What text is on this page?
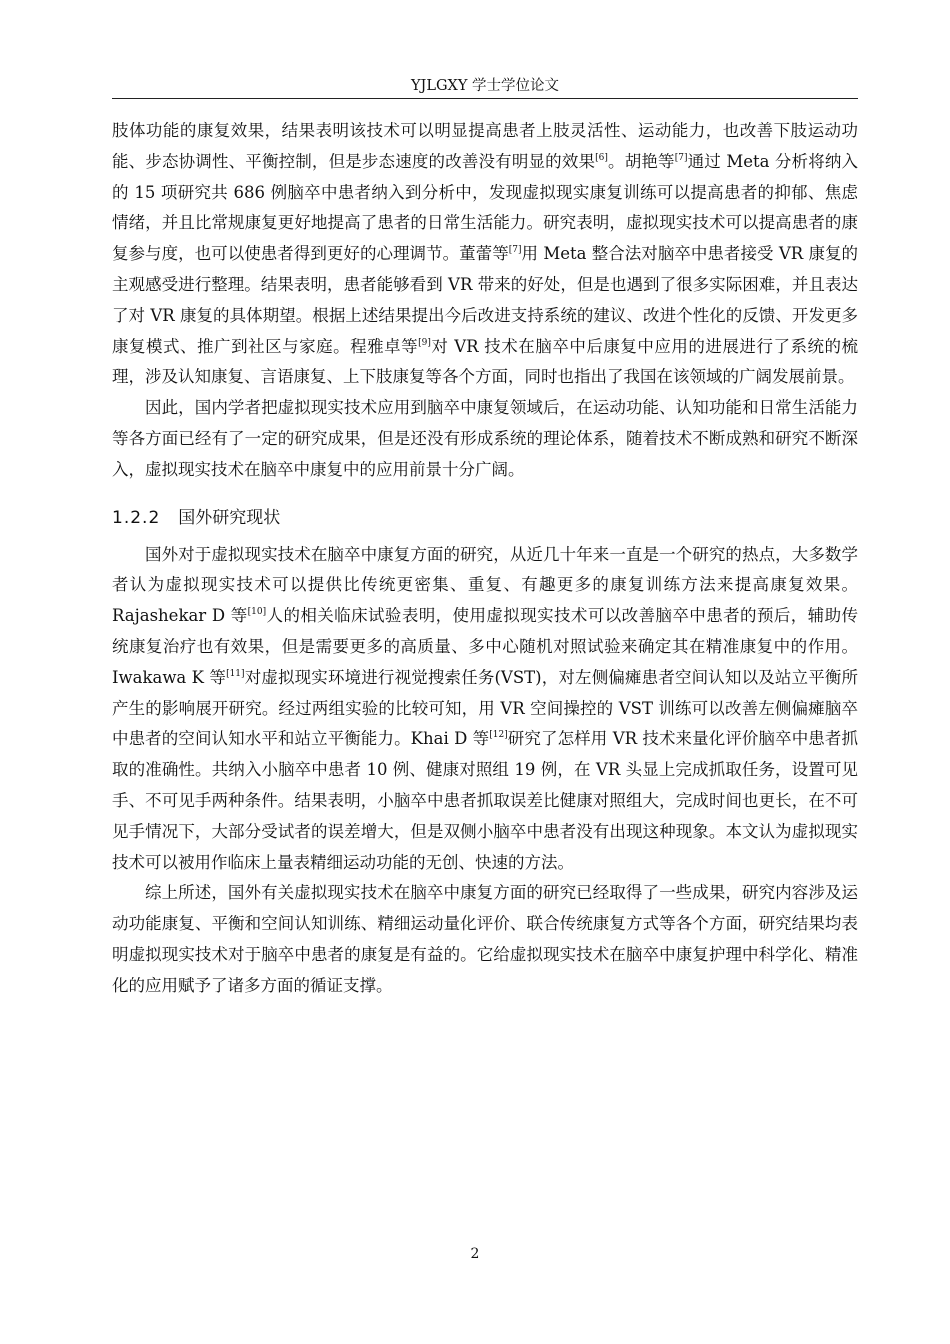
YJLGXY 学士学位论文

肢体功能的康复效果，结果表明该技术可以明显提高患者上肢灵活性、运动能力，也改善下肢运动功能、步态协调性、平衡控制，但是步态速度的改善没有明显的效果[6]。胡艳等[7]通过 Meta 分析将纳入的 15 项研究共 686 例脑卒中患者纳入到分析中，发现虚拟现实康复训练可以提高患者的抑郁、焦虑情绪，并且比常规康复更好地提高了患者的日常生活能力。研究表明，虚拟现实技术可以提高患者的康复参与度，也可以使患者得到更好的心理调节。董蕾等[7]用 Meta 整合法对脑卒中患者接受 VR 康复的主观感受进行整理。结果表明，患者能够看到 VR 带来的好处，但是也遇到了很多实际困难，并且表达了对 VR 康复的具体期望。根据上述结果提出今后改进支持系统的建议、改进个性化的反馈、开发更多康复模式、推广到社区与家庭。程雅卓等[9]对 VR 技术在脑卒中后康复中应用的进展进行了系统的梳理，涉及认知康复、言语康复、上下肢康复等各个方面，同时也指出了我国在该领域的广阔发展前景。

因此，国内学者把虚拟现实技术应用到脑卒中康复领域后，在运动功能、认知功能和日常生活能力等各方面已经有了一定的研究成果，但是还没有形成系统的理论体系，随着技术不断成熟和研究不断深入，虚拟现实技术在脑卒中康复中的应用前景十分广阔。

1.2.2 国外研究现状

国外对于虚拟现实技术在脑卒中康复方面的研究，从近几十年来一直是一个研究的热点，大多数学者认为虚拟现实技术可以提供比传统更密集、重复、有趣更多的康复训练方法来提高康复效果。Rajashekar D 等[10]人的相关临床试验表明，使用虚拟现实技术可以改善脑卒中患者的预后，辅助传统康复治疗也有效果，但是需要更多的高质量、多中心随机对照试验来确定其在精准康复中的作用。Iwakawa K 等[11]对虚拟现实环境进行视觉搜索任务(VST)，对左侧偏瘫患者空间认知以及站立平衡所产生的影响展开研究。经过两组实验的比较可知，用 VR 空间操控的 VST 训练可以改善左侧偏瘫脑卒中患者的空间认知水平和站立平衡能力。Khai D 等[12]研究了怎样用 VR 技术来量化评价脑卒中患者抓取的准确性。共纳入小脑卒中患者 10 例、健康对照组 19 例，在 VR 头显上完成抓取任务，设置可见手、不可见手两种条件。结果表明，小脑卒中患者抓取误差比健康对照组大，完成时间也更长，在不可见手情况下，大部分受试者的误差增大，但是双侧小脑卒中患者没有出现这种现象。本文认为虚拟现实技术可以被用作临床上量表精细运动功能的无创、快速的方法。

综上所述，国外有关虚拟现实技术在脑卒中康复方面的研究已经取得了一些成果，研究内容涉及运动功能康复、平衡和空间认知训练、精细运动量化评价、联合传统康复方式等各个方面，研究结果均表明虚拟现实技术对于脑卒中患者的康复是有益的。它给虚拟现实技术在脑卒中康复护理中科学化、精准化的应用赋予了诸多方面的循证支撑。

2
